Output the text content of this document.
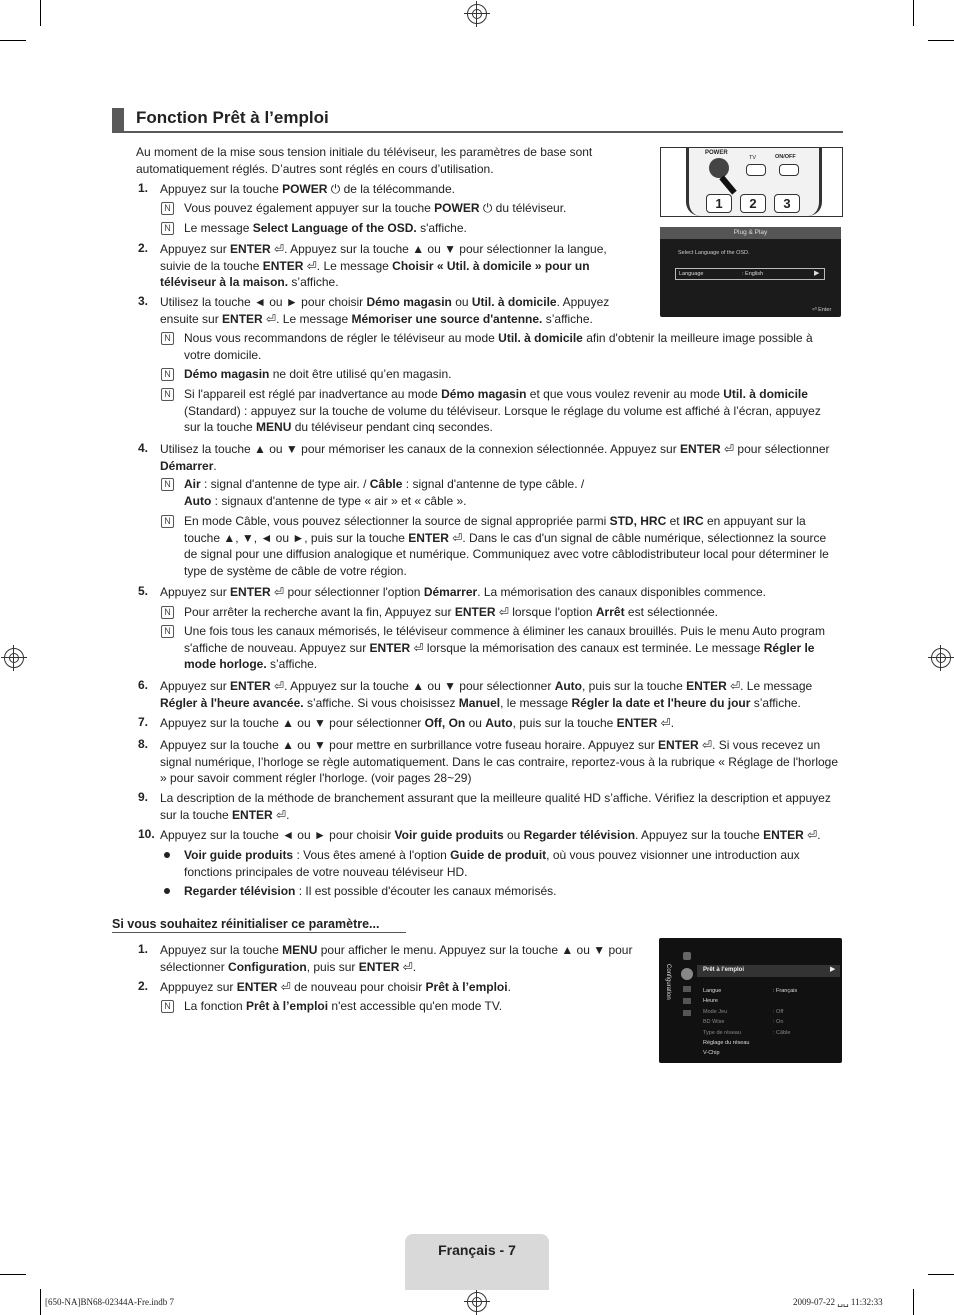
Fonction Prêt à l’emploi
Au moment de la mise sous tension initiale du téléviseur, les paramètres de base sont automatiquement réglés. D’autres sont réglés en cours d’utilisation.
POWER
TV	ON/OFF
1	2	3
Plug & Play
Select Language of the OSD.
Language	: English	▶
⏎ Enter
1. Appuyez sur la touche POWER ⏻ de la télécommande.
N Vous pouvez également appuyer sur la touche POWER ⏻ du téléviseur.
N Le message Select Language of the OSD. s'affiche.
2. Appuyez sur ENTER ⏎. Appuyez sur la touche ▲ ou ▼ pour sélectionner la langue, suivie de la touche ENTER ⏎. Le message Choisir « Util. à domicile » pour un téléviseur à la maison. s’affiche.
3. Utilisez la touche ◄ ou ► pour choisir Démo magasin ou Util. à domicile. Appuyez ensuite sur ENTER ⏎. Le message Mémoriser une source d'antenne. s’affiche.
N Nous vous recommandons de régler le téléviseur au mode Util. à domicile afin d'obtenir la meilleure image possible à votre domicile.
N Démo magasin ne doit être utilisé qu’en magasin.
N Si l'appareil est réglé par inadvertance au mode Démo magasin et que vous voulez revenir au mode Util. à domicile (Standard) : appuyez sur la touche de volume du téléviseur. Lorsque le réglage du volume est affiché à l’écran, appuyez sur la touche MENU du téléviseur pendant cinq secondes.
4. Utilisez la touche ▲ ou ▼ pour mémoriser les canaux de la connexion sélectionnée. Appuyez sur ENTER ⏎ pour sélectionner Démarrer.
N Air : signal d'antenne de type air. / Câble : signal d'antenne de type câble. /
Auto : signaux d'antenne de type « air » et « câble ».
N En mode Câble, vous pouvez sélectionner la source de signal appropriée parmi STD, HRC et IRC en appuyant sur la touche ▲, ▼, ◄ ou ►, puis sur la touche ENTER ⏎. Dans le cas d'un signal de câble numérique, sélectionnez la source de signal pour une diffusion analogique et numérique. Communiquez avec votre câblodistributeur local pour déterminer le type de système de câble de votre région.
5. Appuyez sur ENTER ⏎ pour sélectionner l'option Démarrer. La mémorisation des canaux disponibles commence.
N Pour arrêter la recherche avant la fin, Appuyez sur ENTER ⏎ lorsque l'option Arrêt est sélectionnée.
N Une fois tous les canaux mémorisés, le téléviseur commence à éliminer les canaux brouillés. Puis le menu Auto program s'affiche de nouveau. Appuyez sur ENTER ⏎ lorsque la mémorisation des canaux est terminée. Le message Régler le mode horloge. s’affiche.
6. Appuyez sur ENTER ⏎. Appuyez sur la touche ▲ ou ▼ pour sélectionner Auto, puis sur la touche ENTER ⏎. Le message Régler à l'heure avancée. s’affiche. Si vous choisissez Manuel, le message Régler la date et l'heure du jour s’affiche.
7. Appuyez sur la touche ▲ ou ▼ pour sélectionner Off, On ou Auto, puis sur la touche ENTER ⏎.
8. Appuyez sur la touche ▲ ou ▼ pour mettre en surbrillance votre fuseau horaire. Appuyez sur ENTER ⏎. Si vous recevez un signal numérique, l’horloge se règle automatiquement. Dans le cas contraire, reportez-vous à la rubrique « Réglage de l'horloge » pour savoir comment régler l'horloge. (voir pages 28~29)
9. La description de la méthode de branchement assurant que la meilleure qualité HD s’affiche. Vérifiez la description et appuyez sur la touche ENTER ⏎.
10. Appuyez sur la touche ◄ ou ► pour choisir Voir guide produits ou Regarder télévision. Appuyez sur la touche ENTER ⏎.
Voir guide produits : Vous êtes amené à l'option Guide de produit, où vous pouvez visionner une introduction aux fonctions principales de votre nouveau téléviseur HD.
Regarder télévision : Il est possible d'écouter les canaux mémorisés.
Si vous souhaitez réinitialiser ce paramètre...
1. Appuyez sur la touche MENU pour afficher le menu. Appuyez sur la touche ▲ ou ▼ pour sélectionner Configuration, puis sur ENTER ⏎.
2. Apppuyez sur ENTER ⏎ de nouveau pour choisir Prêt à l’emploi.
N La fonction Prêt à l’emploi n'est accessible qu'en mode TV.
Configuration	Prêt à l’emploi	▶
Langue	: Français
Heure
Mode Jeu	: Off
BD Wise	: On
Type de réseau	: Câble
Réglage du réseau
V-Chip
Français - 7
[650-NA]BN68-02344A-Fre.indb 7	2009-07-22 ␣␣ 11:32:33
